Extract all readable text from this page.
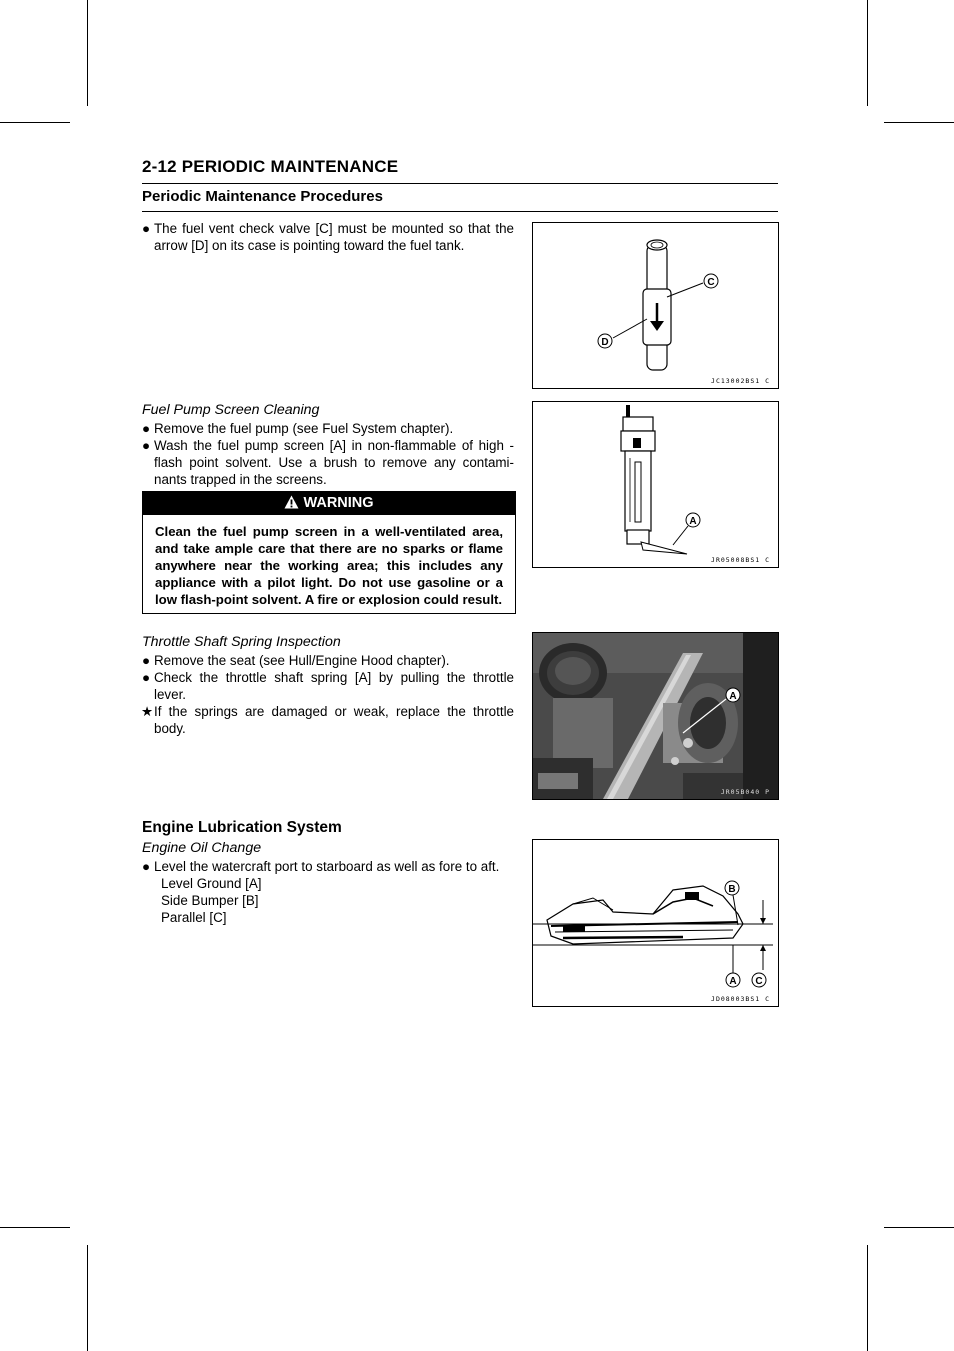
2-12 PERIODIC MAINTENANCE
Periodic Maintenance Procedures
● The fuel vent check valve [C] must be mounted so that the arrow [D] on its case is pointing toward the fuel tank.
Fuel Pump Screen Cleaning
● Remove the fuel pump (see Fuel System chapter).
● Wash the fuel pump screen [A] in non-flammable of high -flash point solvent. Use a brush to remove any contami-nants trapped in the screens.
WARNING
Clean the fuel pump screen in a well-ventilated area, and take ample care that there are no sparks or flame anywhere near the working area; this includes any appliance with a pilot light. Do not use gasoline or a low flash-point solvent. A fire or explosion could result.
Throttle Shaft Spring Inspection
● Remove the seat (see Hull/Engine Hood chapter).
● Check the throttle shaft spring [A] by pulling the throttle lever.
★ If the springs are damaged or weak, replace the throttle body.
Engine Lubrication System
Engine Oil Change
● Level the watercraft port to starboard as well as fore to aft.
Level Ground [A]
Side Bumper [B]
Parallel [C]
C
D
JC13002BS1 C
A
JR05008BS1 C
A
JR05B040 P
B
A C
JD08003BS1 C
